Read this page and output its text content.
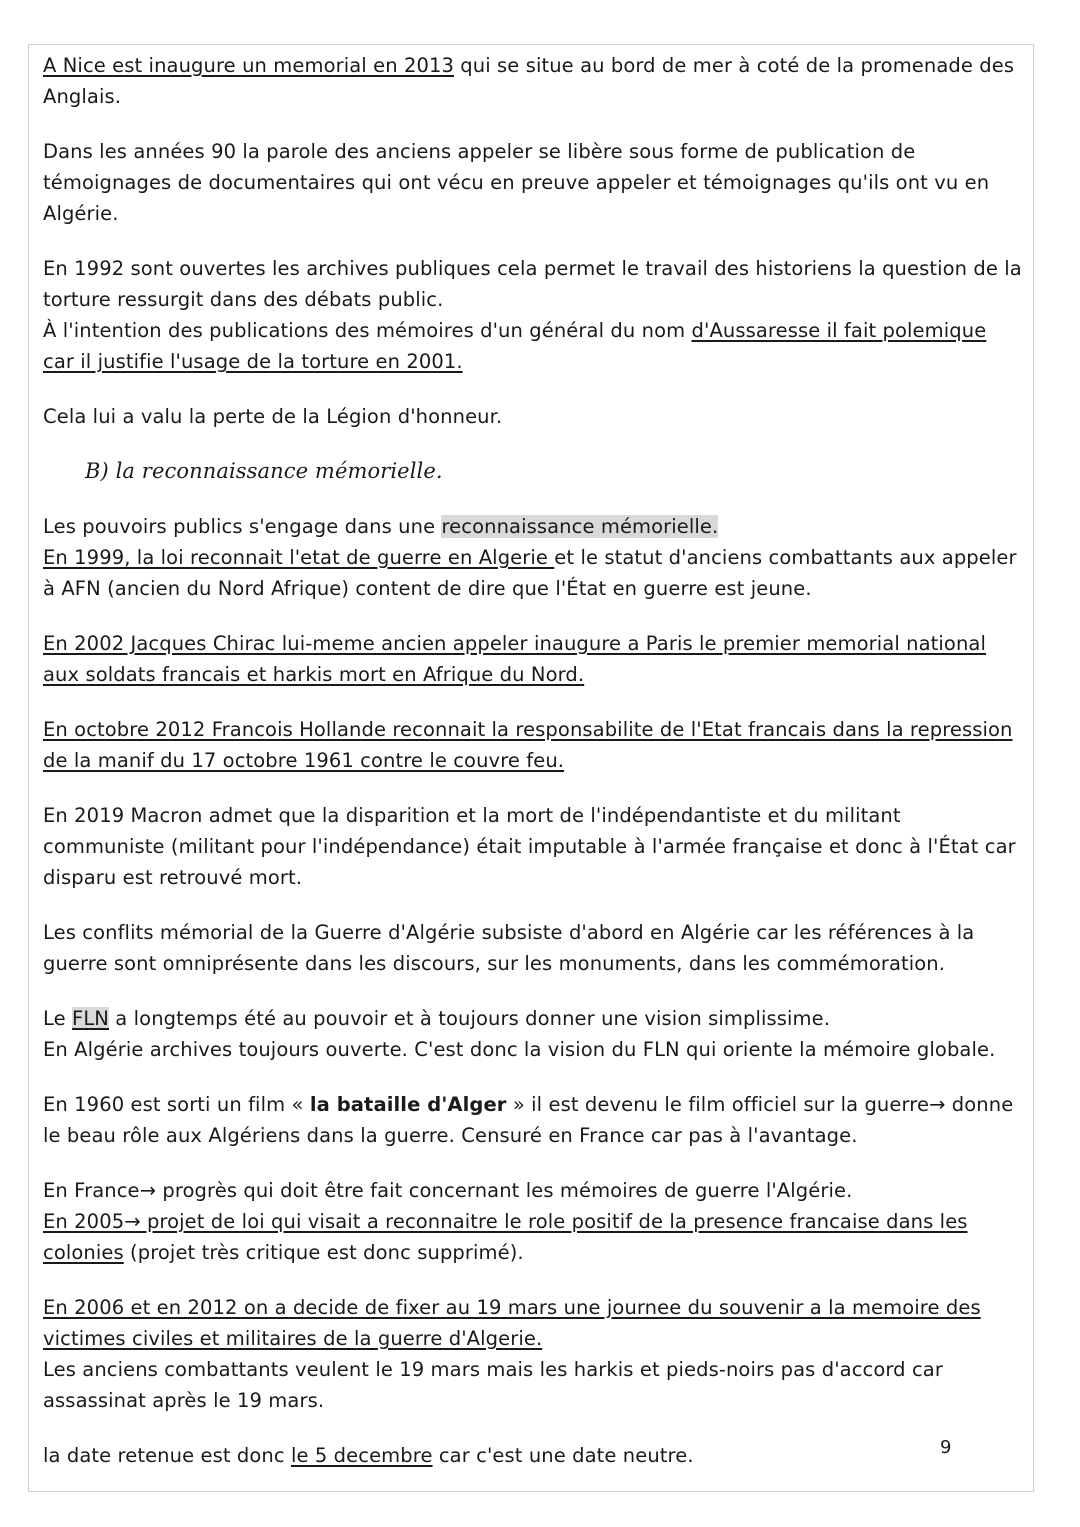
A Nice est inaugure un memorial en 2013 qui se situe au bord de mer à coté de la promenade des Anglais.

Dans les années 90 la parole des anciens appeler se libère sous forme de publication de témoignages de documentaires qui ont vécu en preuve appeler et témoignages qu'ils ont vu en Algérie.

En 1992 sont ouvertes les archives publiques cela permet le travail des historiens la question de la torture ressurgit dans des débats public.

À l'intention des publications des mémoires d'un général du nom d'Aussaresse il fait polemique car il justifie l'usage de la torture en 2001.

Cela lui a valu la perte de la Légion d'honneur.

B) la reconnaissance mémorielle.

Les pouvoirs publics s'engage dans une reconnaissance mémorielle.

En 1999, la loi reconnait l'etat de guerre en Algerie et le statut d'anciens combattants aux appeler à AFN (ancien du Nord Afrique) content de dire que l'État en guerre est jeune.

En 2002 Jacques Chirac lui-meme ancien appeler inaugure a Paris le premier memorial national aux soldats francais et harkis mort en Afrique du Nord.

En octobre 2012 Francois Hollande reconnait la responsabilite de l'Etat francais dans la repression de la manif du 17 octobre 1961 contre le couvre feu.

En 2019 Macron admet que la disparition et la mort de l'indépendantiste et du militant communiste (militant pour l'indépendance) était imputable à l'armée française et donc à l'État car disparu est retrouvé mort.

Les conflits mémorial de la Guerre d'Algérie subsiste d'abord en Algérie car les références à la guerre sont omniprésente dans les discours, sur les monuments, dans les commémoration.

Le FLN a longtemps été au pouvoir et à toujours donner une vision simplissime.

En Algérie archives toujours ouverte. C'est donc la vision du FLN qui oriente la mémoire globale.

En 1960 est sorti un film « la bataille d'Alger » il est devenu le film officiel sur la guerre→ donne le beau rôle aux Algériens dans la guerre. Censuré en France car pas à l'avantage.

En France→ progrès qui doit être fait concernant les mémoires de guerre l'Algérie.

En 2005→ projet de loi qui visait a reconnaitre le role positif de la presence francaise dans les colonies (projet très critique est donc supprimé).

En 2006 et en 2012 on a decide de fixer au 19 mars une journee du souvenir a la memoire des victimes civiles et militaires de la guerre d'Algerie.

Les anciens combattants veulent le 19 mars mais les harkis et pieds-noirs pas d'accord car assassinat après le 19 mars.

la date retenue est donc le 5 decembre car c'est une date neutre.	9
